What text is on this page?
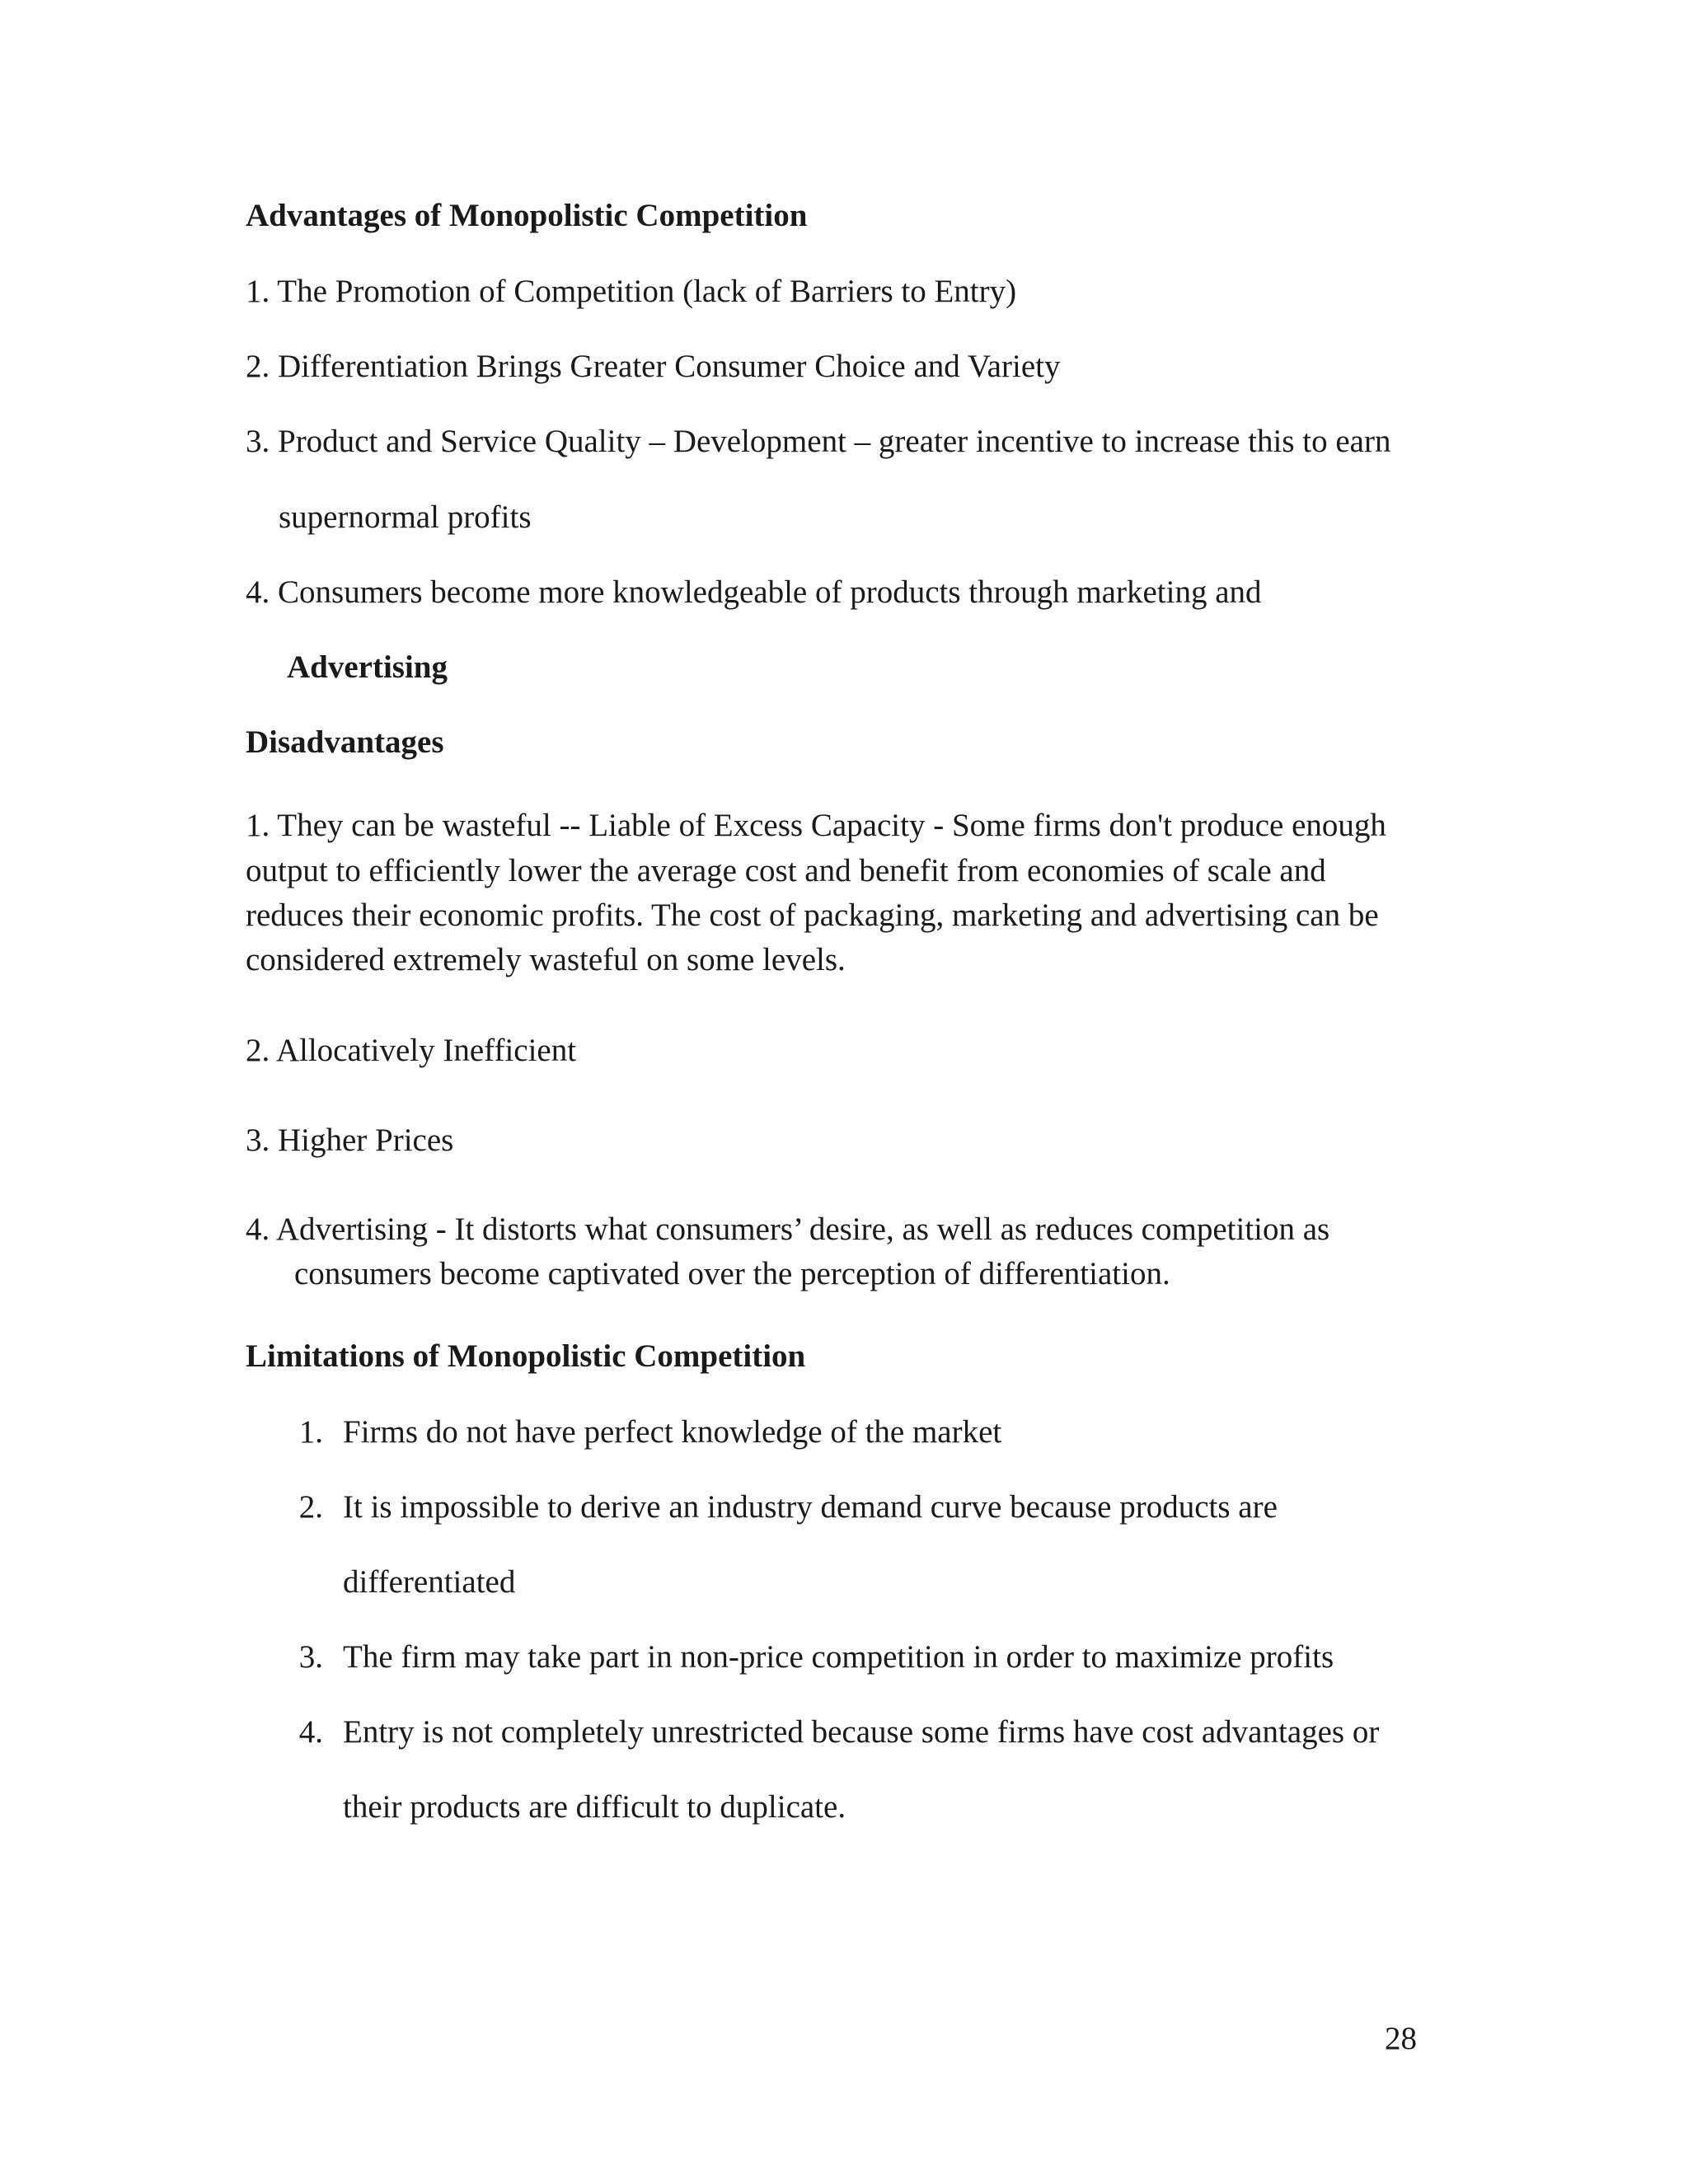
Advantages of Monopolistic Competition
1. The Promotion of Competition (lack of Barriers to Entry)
2. Differentiation Brings Greater Consumer Choice and Variety
3. Product and Service Quality – Development – greater incentive to increase this to earn
supernormal profits
4. Consumers become more knowledgeable of products through marketing and
Advertising
Disadvantages
1. They can be wasteful -- Liable of Excess Capacity - Some firms don't produce enough
output to efficiently lower the average cost and benefit from economies of scale and
reduces their economic profits. The cost of packaging, marketing and advertising can be
considered extremely wasteful on some levels.
2. Allocatively Inefficient
3. Higher Prices
4. Advertising - It distorts what consumers’ desire, as well as reduces competition as
consumers become captivated over the perception of differentiation.
Limitations of Monopolistic Competition
1. Firms do not have perfect knowledge of the market
2. It is impossible to derive an industry demand curve because products are
differentiated
3. The firm may take part in non-price competition in order to maximize profits
4. Entry is not completely unrestricted because some firms have cost advantages or
their products are difficult to duplicate.
28
